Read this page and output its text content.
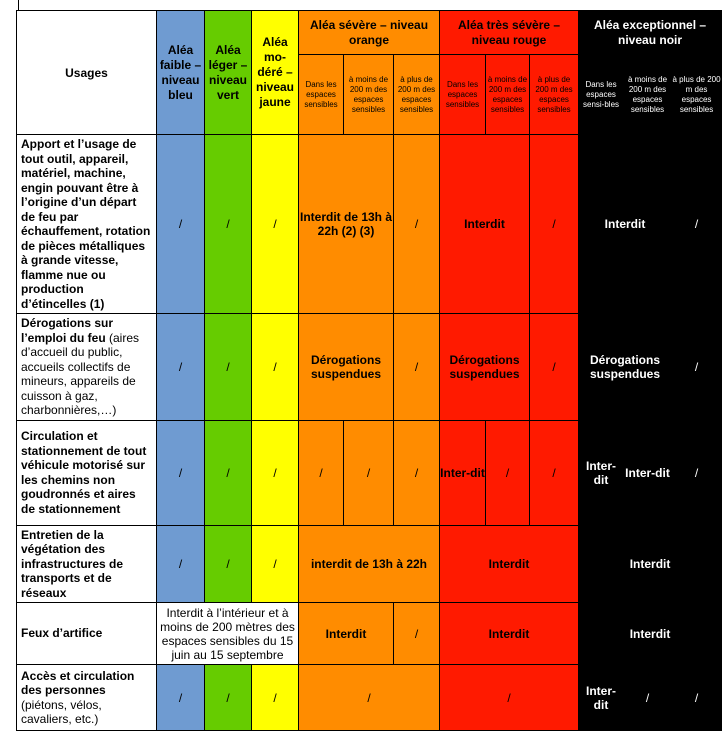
Usages	Aléa faible – niveau bleu	Aléa léger – niveau vert	Aléa mo-déré – niveau jaune	Aléa sévère – niveau orange			Aléa très sévère – niveau rouge			Aléa exceptionnel – niveau noir		
				Dans les espaces sensibles	à moins de 200 m des espaces sensibles	à plus de 200 m des espaces sensibles	Dans les espaces sensibles	à moins de 200 m des espaces sensibles	à plus de 200 m des espaces sensibles	Dans les espaces sensi-bles	à moins de 200 m des espaces sensibles	à plus de 200 m des espaces sensibles
Apport et l’usage de tout outil, appareil, matériel, machine, engin pouvant être à l’origine d’un départ de feu par échauffement, rotation de pièces métalliques à grande vitesse, flamme nue ou production d’étincelles (1)	/	/	/	Interdit de 13h à 22h (2) (3)		/	Interdit		/	Interdit		/
Dérogations sur l’emploi du feu (aires d’accueil du public, accueils collectifs de mineurs, appareils de cuisson à gaz, charbonnières,…)	/	/	/	Dérogations suspendues		/	Dérogations suspendues		/	Dérogations suspendues		/
Circulation et stationnement de tout véhicule motorisé sur les chemins non goudronnés et aires de stationnement	/	/	/	/	/	/	Inter-dit	/	/	Inter-dit	Inter-dit	/
Entretien de la végétation des infrastructures de transports et de réseaux	/	/	/	interdit de 13h à 22h			Interdit			Interdit		
Feux d’artifice	Interdit à l’intérieur et à moins de 200 mètres des espaces sensibles du 15 juin au 15 septembre			Interdit		/	Interdit			Interdit		
Accès et circulation des personnes (piétons, vélos, cavaliers, etc.)	/	/	/	/			/			Inter-dit	/	/
